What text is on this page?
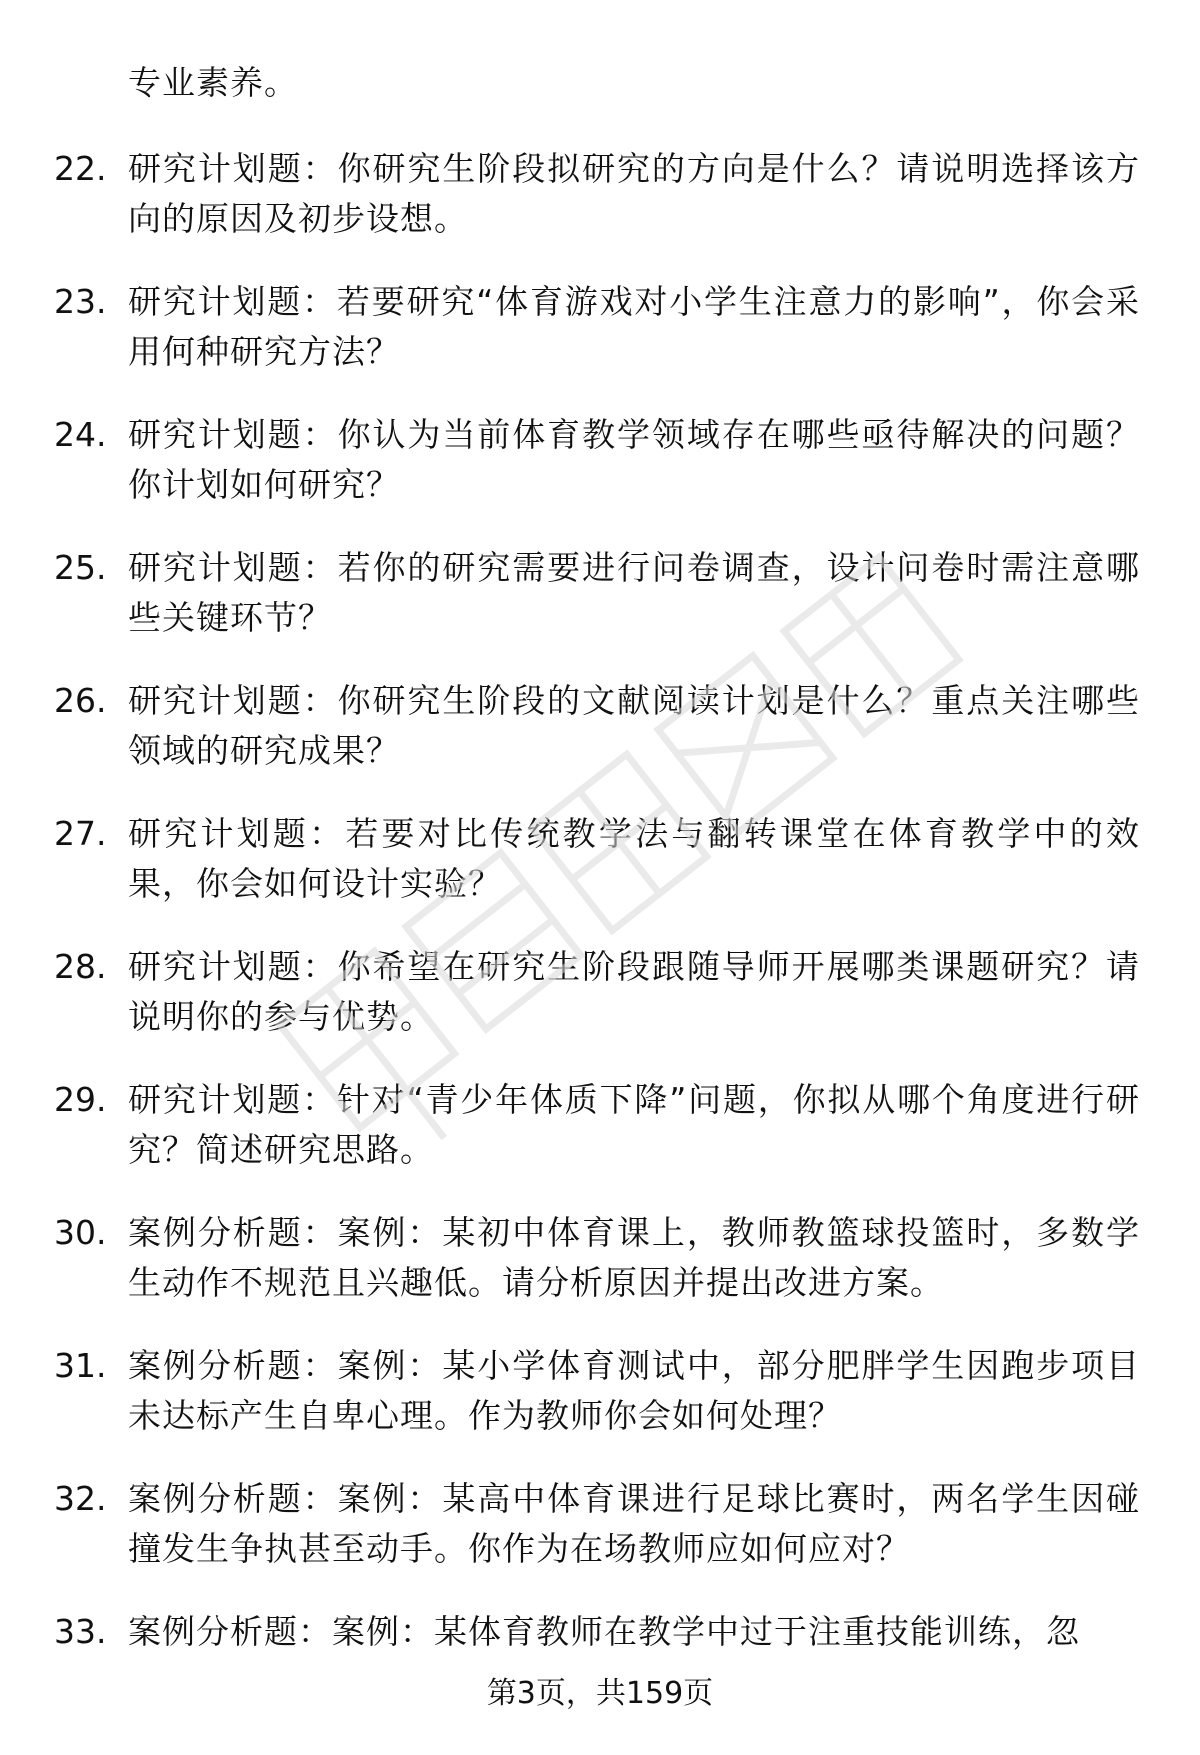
专业素养。
22. 研究计划题：你研究生阶段拟研究的方向是什么？请说明选择该方向的原因及初步设想。
23. 研究计划题：若要研究“体育游戏对小学生注意力的影响”，你会采用何种研究方法？
24. 研究计划题：你认为当前体育教学领域存在哪些亟待解决的问题？你计划如何研究？
25. 研究计划题：若你的研究需要进行问卷调查，设计问卷时需注意哪些关键环节？
26. 研究计划题：你研究生阶段的文献阅读计划是什么？重点关注哪些领域的研究成果？
27. 研究计划题：若要对比传统教学法与翻转课堂在体育教学中的效果，你会如何设计实验？
28. 研究计划题：你希望在研究生阶段跟随导师开展哪类课题研究？请说明你的参与优势。
29. 研究计划题：针对“青少年体质下降”问题，你拟从哪个角度进行研究？简述研究思路。
30. 案例分析题：案例：某初中体育课上，教师教篮球投篮时，多数学生动作不规范且兴趣低。请分析原因并提出改进方案。
31. 案例分析题：案例：某小学体育测试中，部分肥胖学生因跑步项目未达标产生自卑心理。作为教师你会如何处理？
32. 案例分析题：案例：某高中体育课进行足球比赛时，两名学生因碰撞发生争执甚至动手。你作为在场教师应如何应对？
33. 案例分析题：案例：某体育教师在教学中过于注重技能训练，忽
第3页，共159页
